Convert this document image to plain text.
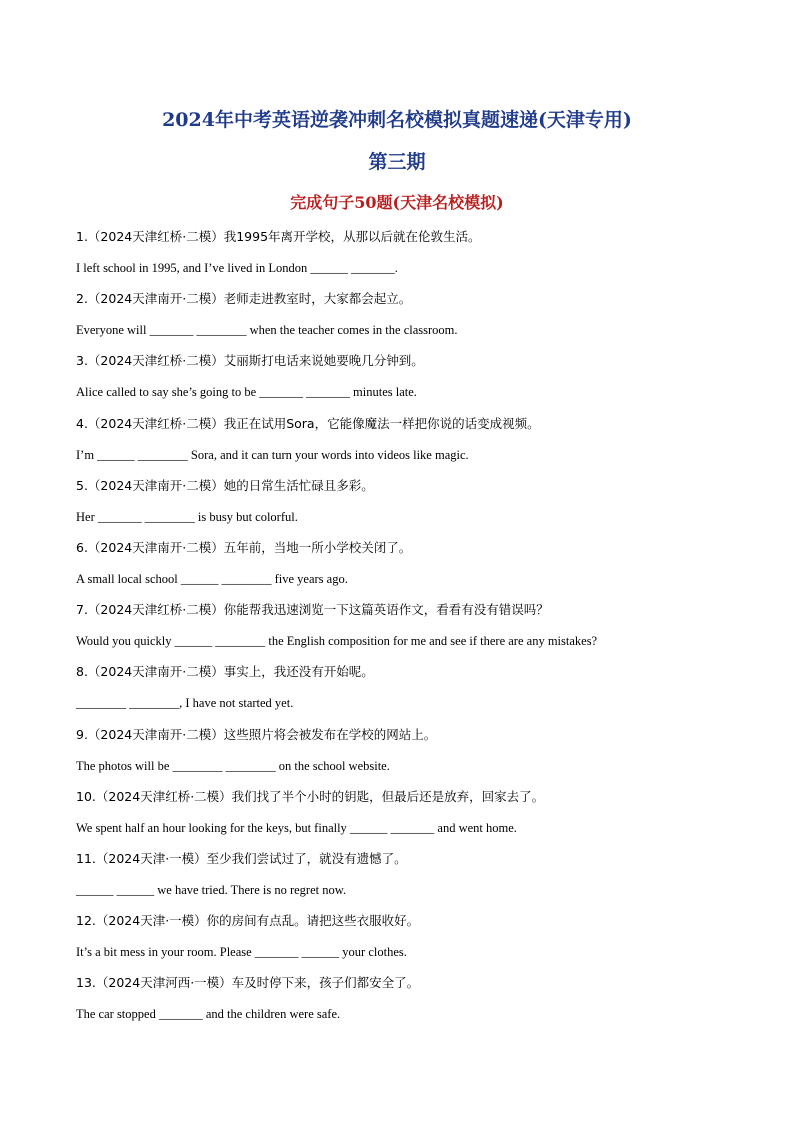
2024年中考英语逆袭冲刺名校模拟真题速递(天津专用)
第三期
完成句子50题(天津名校模拟)
1.（2024天津红桥·二模）我1995年离开学校，从那以后就在伦敦生活。
I left school in 1995, and I’ve lived in London ______ _______.
2.（2024天津南开·二模）老师走进教室时，大家都会起立。
Everyone will _______ ________ when the teacher comes in the classroom.
3.（2024天津红桥·二模）艾丽斯打电话来说她要晚几分钟到。
Alice called to say she’s going to be _______ _______ minutes late.
4.（2024天津红桥·二模）我正在试用Sora，它能像魔法一样把你说的话变成视频。
I’m ______ ________ Sora, and it can turn your words into videos like magic.
5.（2024天津南开·二模）她的日常生活忙碌且多彩。
Her _______ ________ is busy but colorful.
6.（2024天津南开·二模）五年前，当地一所小学校关闭了。
A small local school ______ ________ five years ago.
7.（2024天津红桥·二模）你能帮我迅速浏览一下这篇英语作文，看看有没有错误吗？
Would you quickly ______ ________ the English composition for me and see if there are any mistakes?
8.（2024天津南开·二模）事实上，我还没有开始呢。
________ ________, I have not started yet.
9.（2024天津南开·二模）这些照片将会被发布在学校的网站上。
The photos will be ________ ________ on the school website.
10.（2024天津红桥·二模）我们找了半个小时的钥匙，但最后还是放弃，回家去了。
We spent half an hour looking for the keys, but finally ______ _______ and went home.
11.（2024天津·一模）至少我们尝试过了，就没有遗憾了。
______ ______ we have tried. There is no regret now.
12.（2024天津·一模）你的房间有点乱。请把这些衣服收好。
It’s a bit mess in your room. Please _______ ______ your clothes.
13.（2024天津河西·一模）车及时停下来，孩子们都安全了。
The car stopped _______ and the children were safe.
